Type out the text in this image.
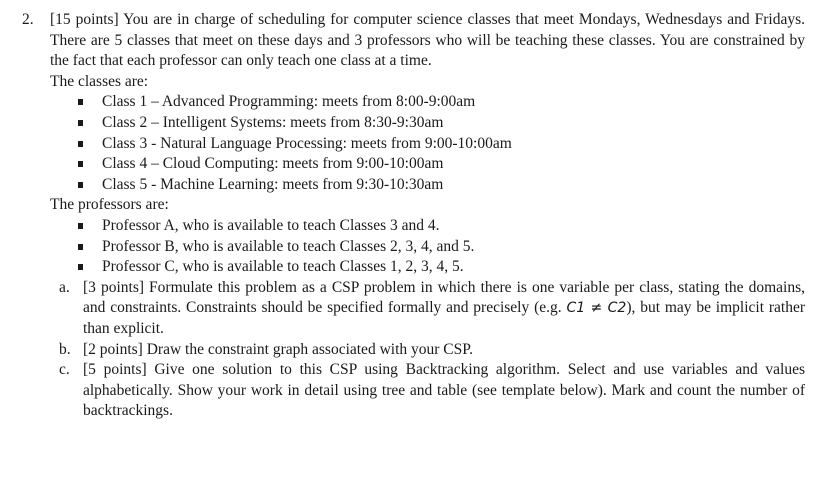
2. [15 points] You are in charge of scheduling for computer science classes that meet Mondays, Wednesdays and Fridays. There are 5 classes that meet on these days and 3 professors who will be teaching these classes. You are constrained by the fact that each professor can only teach one class at a time.

The classes are:

Class 1 – Advanced Programming: meets from 8:00-9:00am
Class 2 – Intelligent Systems: meets from 8:30-9:30am
Class 3 - Natural Language Processing: meets from 9:00-10:00am
Class 4 – Cloud Computing: meets from 9:00-10:00am
Class 5 - Machine Learning: meets from 9:30-10:30am

The professors are:

Professor A, who is available to teach Classes 3 and 4.
Professor B, who is available to teach Classes 2, 3, 4, and 5.
Professor C, who is available to teach Classes 1, 2, 3, 4, 5.
a. [3 points] Formulate this problem as a CSP problem in which there is one variable per class, stating the domains, and constraints. Constraints should be specified formally and precisely (e.g. C1 ≠ C2), but may be implicit rather than explicit.
b. [2 points] Draw the constraint graph associated with your CSP.
c. [5 points] Give one solution to this CSP using Backtracking algorithm. Select and use variables and values alphabetically. Show your work in detail using tree and table (see template below). Mark and count the number of backtrackings.
